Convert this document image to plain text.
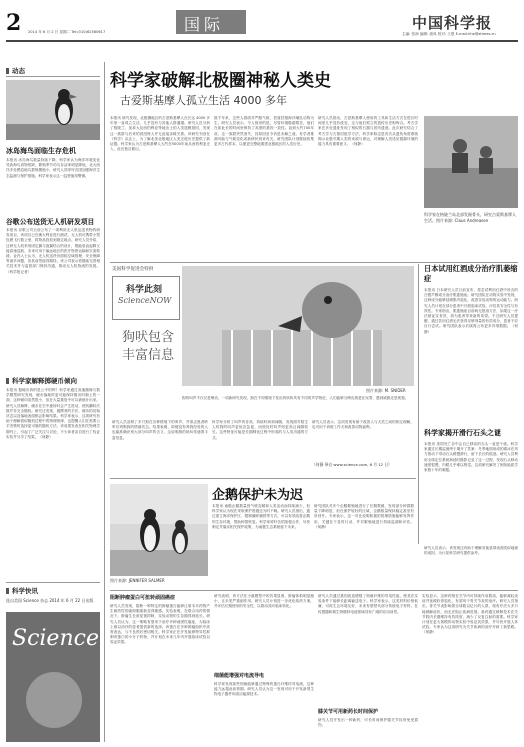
2 2014 年 6 月 2 日 星期二 Tel:(010)62580617	国际	中国科学报
主编: 张润 编辑: 唐凤 校对: 王煜 E-mail:hhe@stimes.cn
动态
冰岛海鸟面临生存危机
本报讯 冰岛海鸟数量持续下降，科学家认为海洋环境变化导致海鸟食物短缺，繁殖季节幼鸟存活率明显降低，北大西洋多处栖息地鸟群规模缩小，研究人员呼吁各国加强海洋生态监测与保护措施。科学家表示这一趋势值得警惕。
谷歌公布送货无人机研发项目
本报讯 谷歌公司日前公布了一项利用无人机运送货物的研发项目，该项目已在澳大利亚进行测试，无人机可携带小型包裹飞行数公里，将物品投放到指定地点。研究人员介绍，这种无人机采用固定翼与旋翼结合的设计，既能垂直起降又能高速巡航，未来可用于偏远地区的医疗物资运输和灾害救援。业内人士认为，无人机送货仍面临空域管理、安全保障等诸多问题，但其前景值得期待。该公司表示将继续完善相关技术并与监管部门保持沟通，推动无人机物流的发展。（科学报记者）
科学家解释掷硬币倾向
本报讯 抛硬币真的是公平的吗？科学家通过高速摄像与数学模型研究发现，硬币落地时更可能保持抛出时朝上的一面，这种倾向虽然很小，但在大量重复中可以被统计出来。研究人员解释，硬币在空中旋转时会产生进动，使其翻转次数并非完全随机。研究还发现，抛掷者的手法、硬币的初始状态以及落地表面都会影响结果。科学家表示，这项研究有助于理解看似随机过程中的物理规律，也提醒人们在需要公平决策时选择更可靠的随机方法。该成果发表在相关物理学期刊上，引起了广泛关注与讨论，不少读者亲自进行了验证实验并分享了结果。（何静）
科学快讯
选自美国 Science 杂志 2014 年 6 月 22 日出版
Science
科学家破解北极圈神秘人类史
古爱斯基摩人孤立生活 4000 多年
本报讯 研究发现，北极圈地区的古爱斯基摩人在长达 4000 多年里一直孤立生活，几乎没有与其他人群通婚。研究人员分析了格陵兰、加拿大及西伯利亚等地出土的人类遗骸基因，发现这一族群与后来的因纽特人并无直接亲缘关系。该研究刊登在《科学》杂志上，为了解北美北极地区人类迁徙历史提供了新证据。科学家认为古爱斯基摩人大约在5000年前从西伯利亚迁入，此后独自繁衍。
数千年来，这些人群面对严酷气候，依靠狩猎海洋哺乳动物为生。研究人员表示，令人惊讶的是，尽管环境极端艰苦，他们在如此长的时间里保持了高度的基因一致性。直到大约700年前，这一族群突然消失，其原因至今仍是未解之谜。有学者推测可能与气候变化或新移民到来有关。研究团队计划继续收集更多古代样本，以便更完整地重建北极地区的人类历史。
研究人员指出，古爱斯基摩人使用的工具和生活方式在很长时间里几乎没有改变，这与他们孤立的遗传历史相吻合。考古学家在多处遗址发现了相似的石器与居所遗迹。此次研究结合了考古学与古基因组学方法，科学家称这是首次从遗传角度系统揭示北极早期人类的来源与命运，对理解人类适应极端环境的能力具有重要意义。（何静）
科学家在格陵兰岛北部发掘骨头，研究古爱斯基摩人生活。图片来源: Claus Andreasen
美国科学促进会特供
科学此刻
ScienceNOW
狗吠包含
丰富信息
图片来源: M. SNIDER
狗的叫声不仅仅是噪音。一项新研究发现，狗在不同情境下发出的吠叫具有不同的声学特征，人们能够分辨出狗是在玩耍、感到威胁还是孤独。
研究人员录制了多只狗在各种情境下的叫声，并请志愿者聆听后判断狗的情绪状态。结果表明，即便没有养狗经验的人也能准确识别大部分叫声的含义，这说明狗的吠叫传递着丰富信息。
科学家分析了叫声的音高、持续时间和间隔，发现面对陌生人时狗的叫声更低沉急促，而独处时叫声则更高且间隔较长。这些特征可能是长期驯化过程中形成的与人类沟通的方式。
研究人员表示，这项发现有助于改善人与犬类之间的相互理解，也可用于训练工作犬和改善动物福利。
（何静 译自 www.science.com, 6 月 12 日）
日本试用红酒成分治疗肌萎缩症
本报讯 日本研究人员日前宣布，将尝试利用红酒中所含的白藜芦醇成分治疗肌萎缩症。研究团队在动物实验中发现，这种成分能够延缓肌肉退化，改善实验动物的运动能力。研究人员计划在部分患者中开展临床试验，评估其安全性与有效性。专家指出，肌萎缩症目前尚无根治方法，如果这一疗法被证实有效，将为患者带来新的希望。不过研究人员提醒，通过饮用红酒无法获得足够剂量的有效成分，患者不应自行尝试。研究团队表示后续将公布更多详细数据。（何静）
科学家揭开滑行石头之谜
本报讯 美国死亡谷中会自己移动的石头一直是个谜。科学家通过长期监测终于揭开了答案：冬季地面形成的薄冰在风力推动下带动石头缓慢滑行，留下长长的痕迹。研究人员利用全球定位系统和延时摄影记录了这一过程，发现石头移动速度很慢，肉眼几乎难以察觉。这项研究解决了困扰地质学家数十年的难题。
图片来源: JENNIFER SALMER
企鹅保护未为迟
本报讯 南极企鹅数量因气候变暖和人类活动而持续减少，但科学家认为现在采取保护措施还为时不晚。研究人员指出，通过建立海洋保护区、限制磷虾捕捞等方式，可以有效改善企鹅的生存环境，帮助种群恢复。科学家呼吁各国加强合作，尽快制定并落实相关保护政策，为南极生态系统留下未来。
研究团队对多个企鹅繁殖地进行了长期观测，发现部分种群数量下降明显，但在保护较好的区域，企鹅数量保持稳定甚至有所回升。专家表示，这一对比说明积极的管理措施能够发挥作用，关键在于及时行动，并对繁殖地进行持续监测和评估。（何静）
研究人员表示，该发现还有助于理解其他星球表面类似地貌的成因，为行星科学研究提供参考。
阻断肿瘤蛋白可扭转顽固癌症
研究人员发现，阻断一种特定的肿瘤蛋白能够让原本对药物产生耐药性的癌细胞重新变得敏感。实验表明，在联合用药的情况下，肿瘤生长被显著抑制，实验动物的生存期得到延长。研究人员认为，这一策略有望用于治疗多种顽固性癌症，为临床上难以治疗的患者提供新的选择。该蛋白在多种肿瘤组织中高度表达，与不良预后密切相关。科学家正在开发能够特异性抑制该蛋白的小分子药物，并计划在未来几年内开展临床试验以验证效果。
研究表明，该方法在小鼠模型中的效果显著，肿瘤体积明显缩小，且未见严重副作用。研究人员计划进一步优化给药方案，并评估长期使用的安全性，以推动其向临床转化。
细菌能增强对电流导电
科学家发现某些细菌能够通过特殊的蛋白纤维传导电流，这种能力远超此前预期。研究人员认为这一发现可用于开发新型生物电子器件和清洁能源技术。
研究人员通过基因改造增强了细菌纤维的导电性能，使其在实验条件下能够长距离输送电子。科学家表示，这类材料价格低廉、可再生且环境友好，未来有望替代部分传统电子材料，在传感器和微生物燃料电池领域具有广阔的应用前景。
膝关节可用新药长时间保护
研究人员开发出一种新药，可长时间保护膝关节软骨免受损伤。
实验显示，这种药物在关节内可持续作用数周，能够减轻炎症并延缓软骨退化，有望用于骨关节炎的治疗。研究人员指出，骨关节炎影响着全球数以亿计的人群，现有疗法大多只能缓解症状，而无法阻止疾病进展。新药通过缓释技术在关节腔内长期维持有效浓度，减少了反复注射的需要。科学家计划在更大规模的动物实验中验证其效果，并尽快开展人体试验。专家认为这项研究为关节疾病的治疗开辟了新思路。（何静）
